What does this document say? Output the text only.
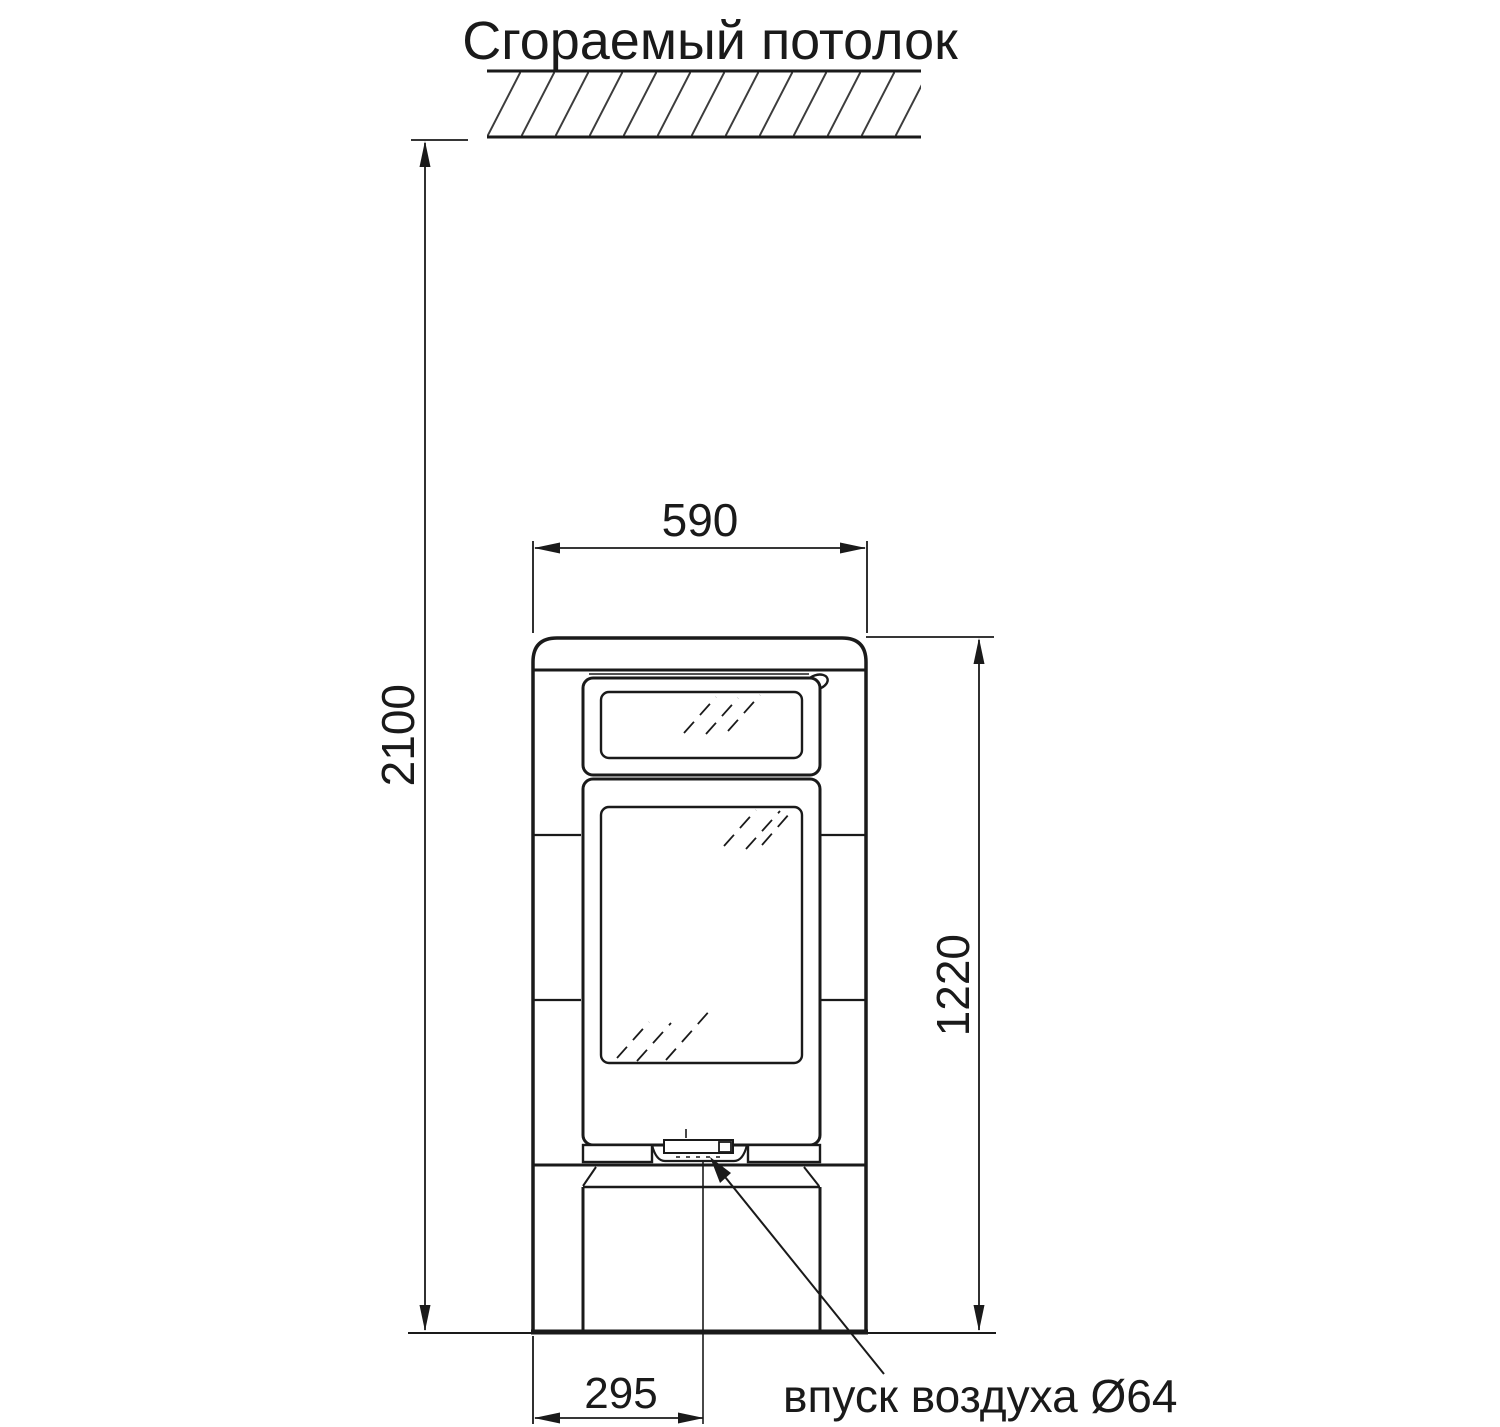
Сгораемый потолок
590
2100
1220
295	впуск воздуха Ø64
